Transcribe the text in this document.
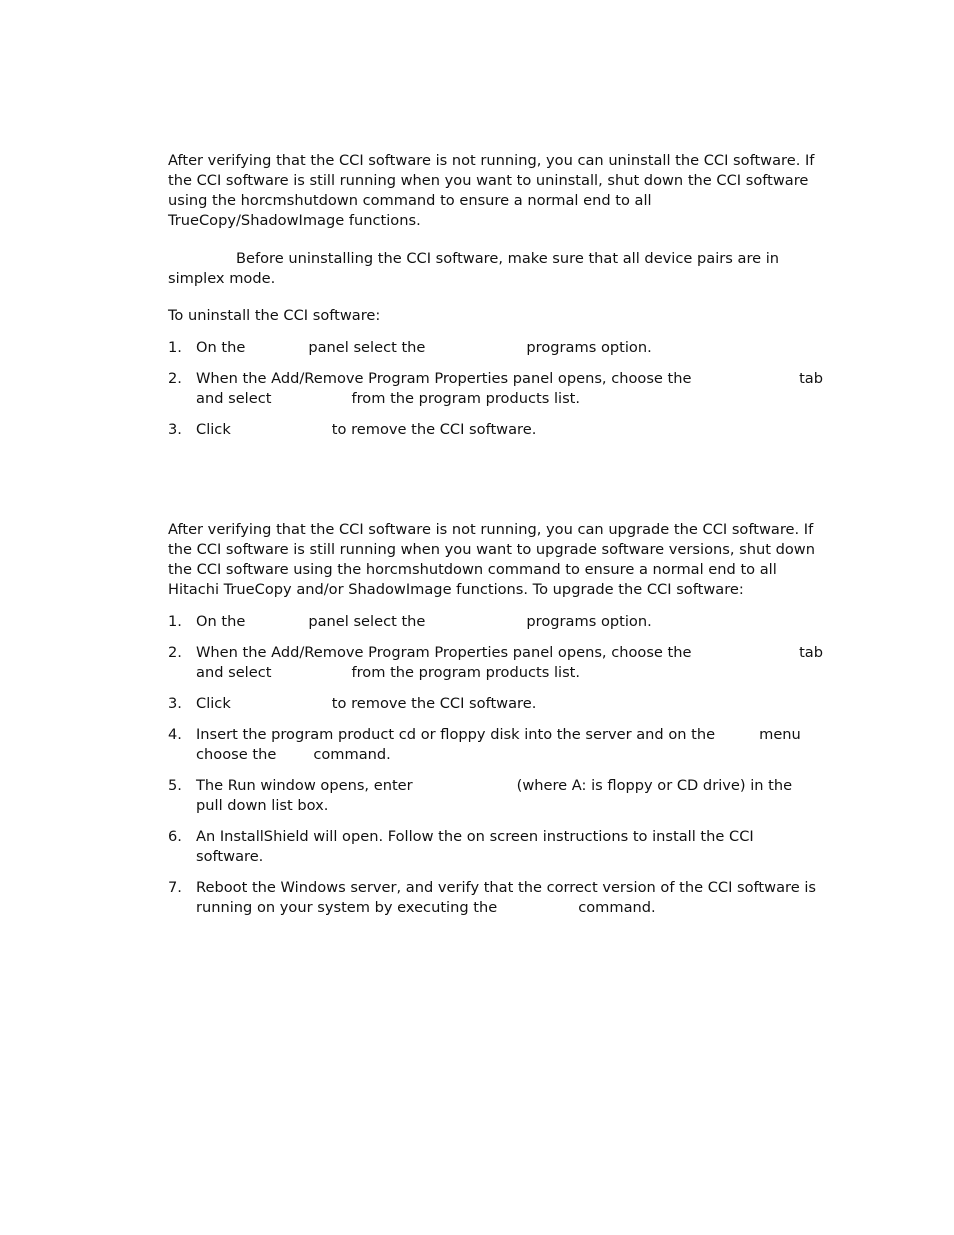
After verifying that the CCI software is not running, you can uninstall the CCI software. If the CCI software is still running when you want to uninstall, shut down the CCI software using the horcmshutdown command to ensure a normal end to all TrueCopy/ShadowImage functions.

Before uninstalling the CCI software, make sure that all device pairs are in simplex mode.

To uninstall the CCI software:

1. On the	panel select the	programs option.
2.	tab
When the Add/Remove Program Properties panel opens, choose the
and select	from the program products list.
3. Click	to remove the CCI software.

After verifying that the CCI software is not running, you can upgrade the CCI software. If the CCI software is still running when you want to upgrade software versions, shut down the CCI software using the horcmshutdown command to ensure a normal end to all Hitachi TrueCopy and/or ShadowImage functions. To upgrade the CCI software:

1. On the	panel select the	programs option.
2.	tab
When the Add/Remove Program Properties panel opens, choose the
and select	from the program products list.
3. Click	to remove the CCI software.
4. Insert the program product cd or floppy disk into the server and on the	menu
choose the	command.
5. The Run window opens, enter	(where A: is floppy or CD drive) in the
pull down list box.
6. An InstallShield will open. Follow the on screen instructions to install the CCI software.
7. Reboot the Windows server, and verify that the correct version of the CCI software is running on your system by executing the	command.
